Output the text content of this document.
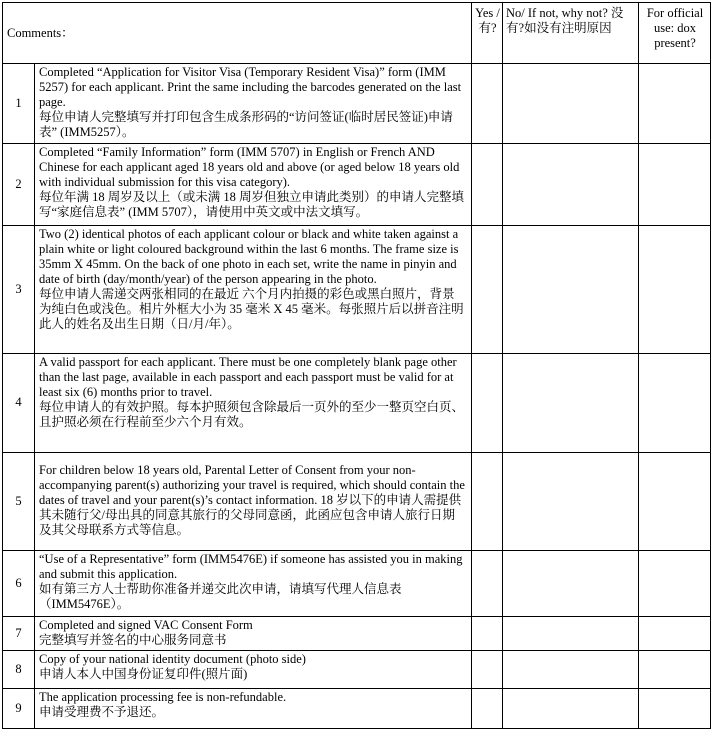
Comments：		Yes / 有?	No/ If not, why not? 没有?如没有注明原因	For official use: dox present?
1	Completed “Application for Visitor Visa (Temporary Resident Visa)” form (IMM 5257) for each applicant. Print the same including the barcodes generated on the last page.
每位申请人完整填写并打印包含生成条形码的“访问签证(临时居民签证)申请表” (IMM5257）。			

2	Completed “Family Information” form (IMM 5707) in English or French AND Chinese for each applicant aged 18 years old and above (or aged below 18 years old with individual submission for this visa category).
每位年满 18 周岁及以上（或未满 18 周岁但独立申请此类别）的申请人完整填写“家庭信息表” (IMM 5707），请使用中英文或中法文填写。			

3	Two (2) identical photos of each applicant colour or black and white taken against a plain white or light coloured background within the last 6 months. The frame size is 35mm X 45mm. On the back of one photo in each set, write the name in pinyin and date of birth (day/month/year) of the person appearing in the photo.
每位申请人需递交两张相同的在最近 六个月内拍摄的彩色或黑白照片，背景为纯白色或浅色。相片外框大小为 35 毫米 X 45 毫米。每张照片后以拼音注明此人的姓名及出生日期（日/月/年）。			

4	A valid passport for each applicant. There must be one completely blank page other than the last page, available in each passport and each passport must be valid for at least six (6) months prior to travel.
每位申请人的有效护照。每本护照须包含除最后一页外的至少一整页空白页、且护照必须在行程前至少六个月有效。			

5	For children below 18 years old, Parental Letter of Consent from your non-accompanying parent(s) authorizing your travel is required, which should contain the dates of travel and your parent(s)’s contact information. 18 岁以下的申请人需提供其未随行父/母出具的同意其旅行的父母同意函，此函应包含申请人旅行日期及其父母联系方式等信息。			

6	“Use of a Representative” form (IMM5476E) if someone has assisted you in making and submit this application.
如有第三方人士帮助你准备并递交此次申请，请填写代理人信息表（IMM5476E）。			

7	Completed and signed VAC Consent Form
完整填写并签名的中心服务同意书			

8	Copy of your national identity document (photo side)
申请人本人中国身份证复印件(照片面)			

9	The application processing fee is non-refundable.
申请受理费不予退还。			
